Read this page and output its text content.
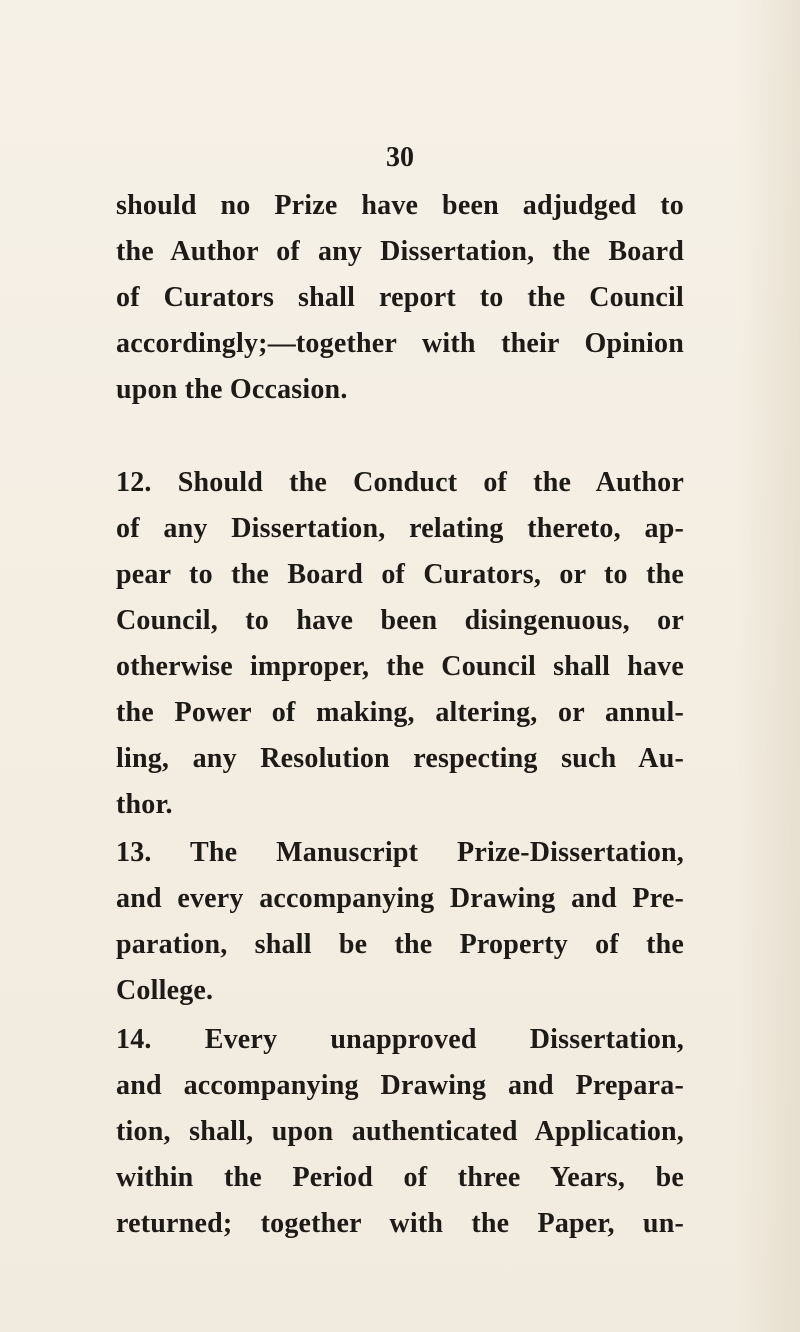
30
should no Prize have been adjudged to
the Author of any Dissertation, the Board
of Curators shall report to the Council
accordingly;—together with their Opinion
upon the Occasion.
12. Should the Conduct of the Author
of any Dissertation, relating thereto, ap-
pear to the Board of Curators, or to the
Council, to have been disingenuous, or
otherwise improper, the Council shall have
the Power of making, altering, or annul-
ling, any Resolution respecting such Au-
thor.
13. The Manuscript Prize-Dissertation,
and every accompanying Drawing and Pre-
paration, shall be the Property of the
College.
14. Every unapproved Dissertation,
and accompanying Drawing and Prepara-
tion, shall, upon authenticated Application,
within the Period of three Years, be
returned; together with the Paper, un-
